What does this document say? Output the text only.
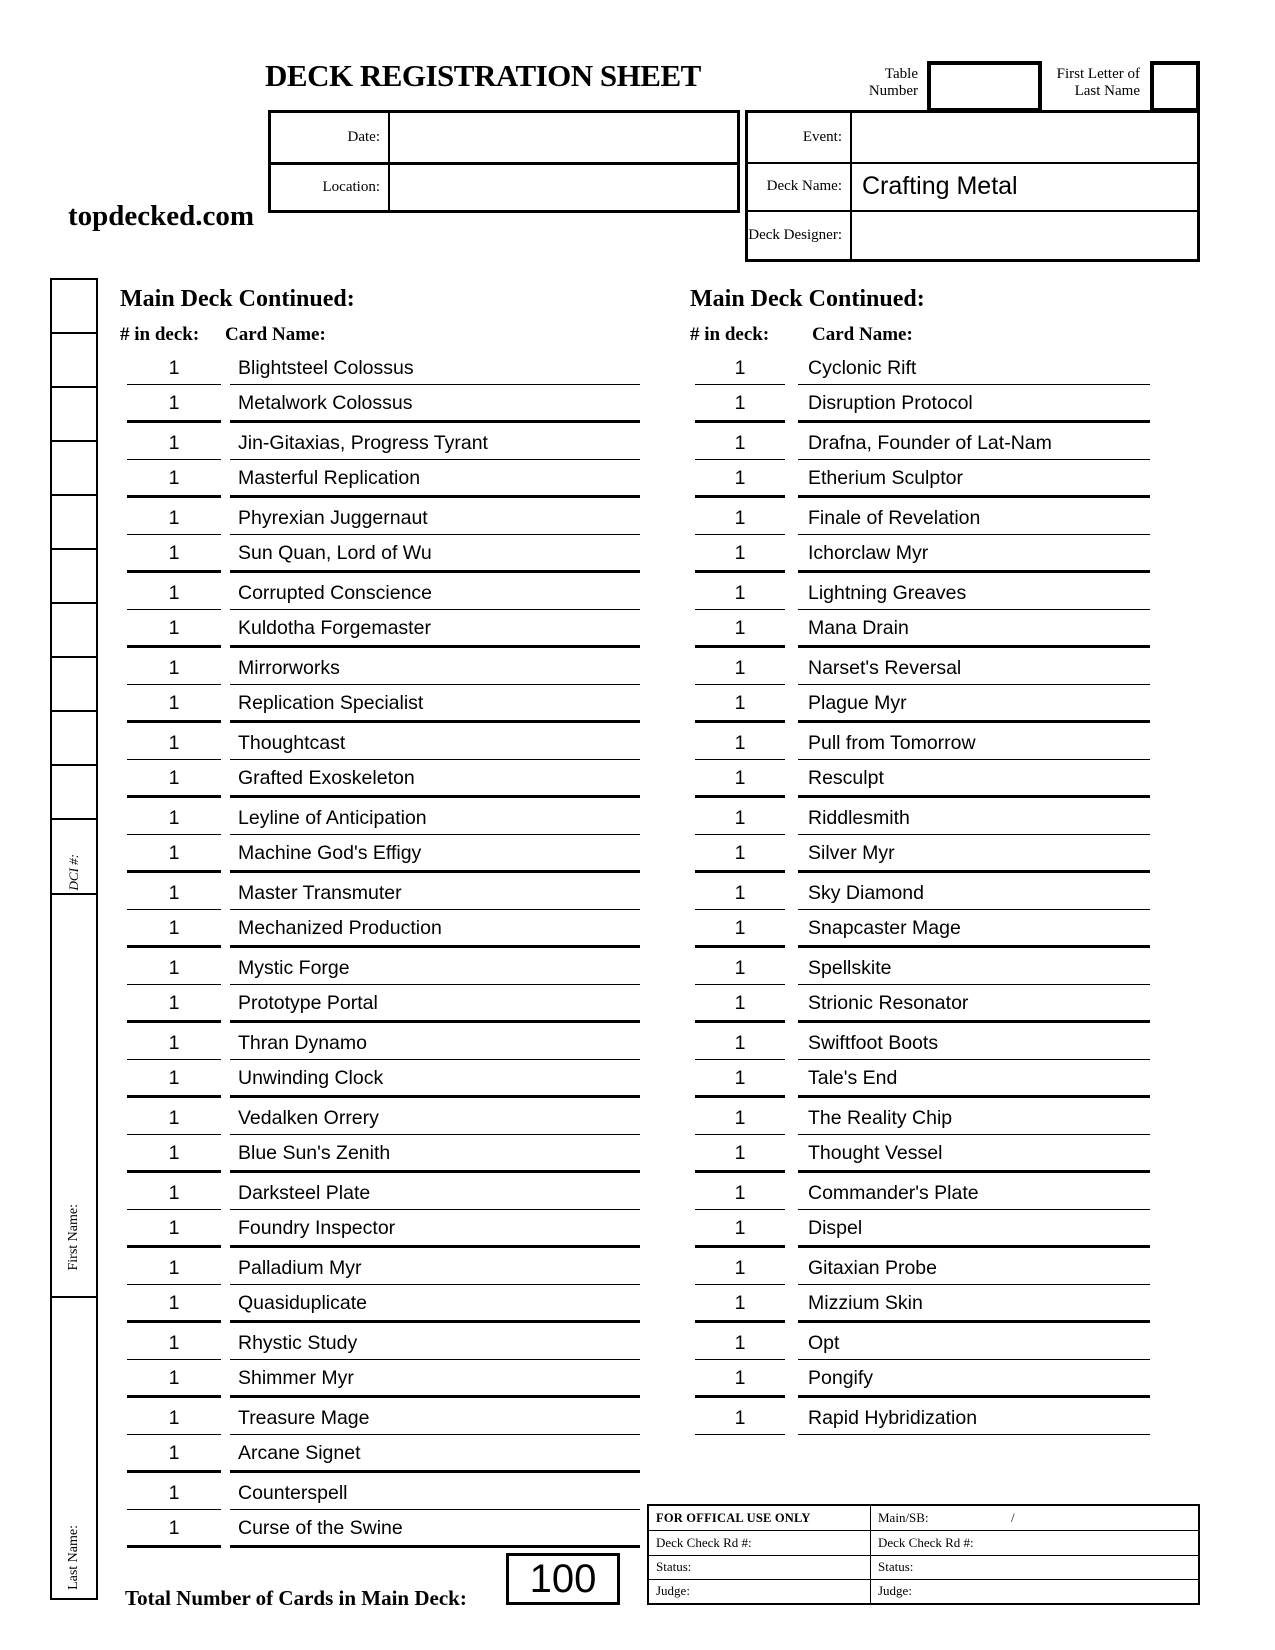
topdecked.com
DECK REGISTRATION SHEET	Table
Number
First Letter of
Last Name
Date:
Location:
Event:
Deck Name: Crafting Metal
Deck Designer:
DCI #:
First Name:
Last Name:
Main Deck Continued:	Main Deck Continued:
# in deck: Card Name:	# in deck: Card Name:
1	Blightsteel Colossus
1	Metalwork Colossus
1	Jin-Gitaxias, Progress Tyrant
1	Masterful Replication
1	Phyrexian Juggernaut
1	Sun Quan, Lord of Wu
1	Corrupted Conscience
1	Kuldotha Forgemaster
1	Mirrorworks
1	Replication Specialist
1	Thoughtcast
1	Grafted Exoskeleton
1	Leyline of Anticipation
1	Machine God's Effigy
1	Master Transmuter
1	Mechanized Production
1	Mystic Forge
1	Prototype Portal
1	Thran Dynamo
1	Unwinding Clock
1	Vedalken Orrery
1	Blue Sun's Zenith
1	Darksteel Plate
1	Foundry Inspector
1	Palladium Myr
1	Quasiduplicate
1	Rhystic Study
1	Shimmer Myr
1	Treasure Mage
1	Arcane Signet
1	Counterspell
1	Curse of the Swine
1	Cyclonic Rift
1	Disruption Protocol
1	Drafna, Founder of Lat-Nam
1	Etherium Sculptor
1	Finale of Revelation
1	Ichorclaw Myr
1	Lightning Greaves
1	Mana Drain
1	Narset's Reversal
1	Plague Myr
1	Pull from Tomorrow
1	Resculpt
1	Riddlesmith
1	Silver Myr
1	Sky Diamond
1	Snapcaster Mage
1	Spellskite
1	Strionic Resonator
1	Swiftfoot Boots
1	Tale's End
1	The Reality Chip
1	Thought Vessel
1	Commander's Plate
1	Dispel
1	Gitaxian Probe
1	Mizzium Skin
1	Opt
1	Pongify
1	Rapid Hybridization
Total Number of Cards in Main Deck: 100
FOR OFFICAL USE ONLY	Main/SB:	/
Deck Check Rd #:	Deck Check Rd #:
Status:	Status:
Judge:	Judge:
